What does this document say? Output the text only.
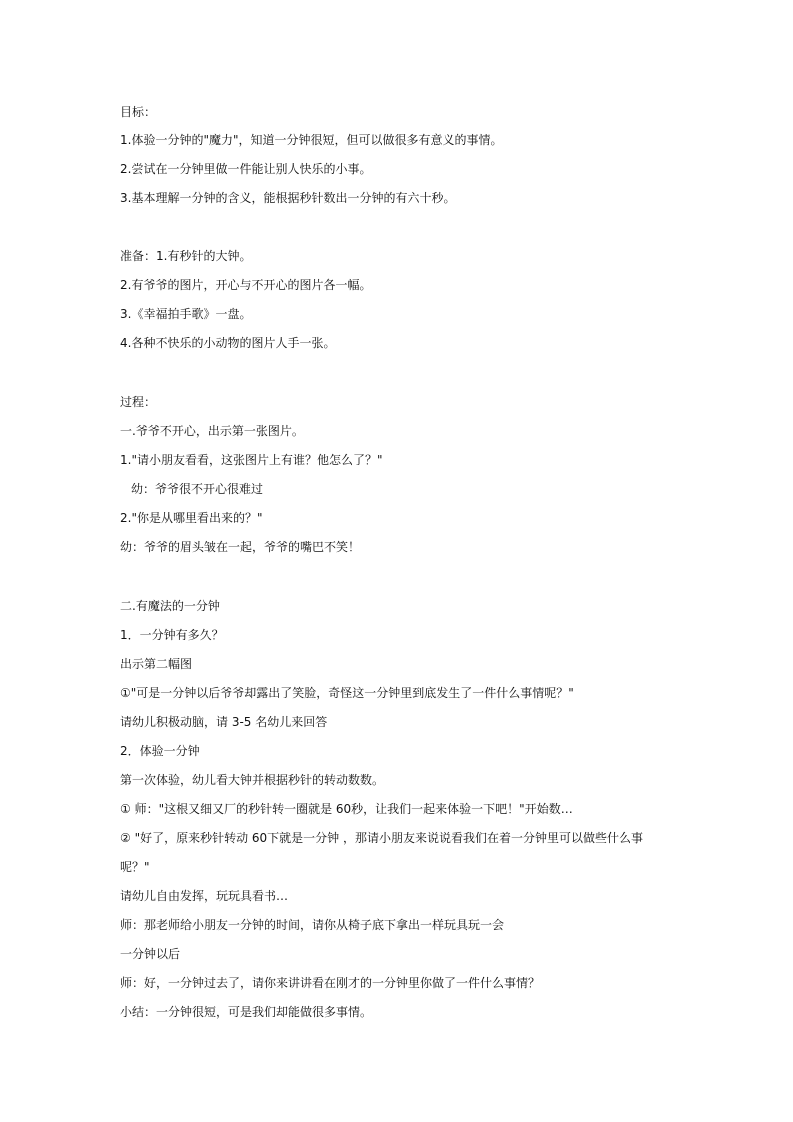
目标：
1.体验一分钟的"魔力"，知道一分钟很短，但可以做很多有意义的事情。
2.尝试在一分钟里做一件能让别人快乐的小事。
3.基本理解一分钟的含义，能根据秒针数出一分钟的有六十秒。
准备：1.有秒针的大钟。
2.有爷爷的图片，开心与不开心的图片各一幅。
3.《幸福拍手歌》一盘。
4.各种不快乐的小动物的图片人手一张。
过程：
一.爷爷不开心，出示第一张图片。
1."请小朋友看看，这张图片上有谁？他怎么了？"
幼：爷爷很不开心很难过
2."你是从哪里看出来的？"
幼：爷爷的眉头皱在一起，爷爷的嘴巴不笑！
二.有魔法的一分钟
1．一分钟有多久？
出示第二幅图
①"可是一分钟以后爷爷却露出了笑脸，奇怪这一分钟里到底发生了一件什么事情呢？"
请幼儿积极动脑，请 3-5 名幼儿来回答
2．体验一分钟
第一次体验，幼儿看大钟并根据秒针的转动数数。
① 师："这根又细又厂的秒针转一圈就是 60秒，让我们一起来体验一下吧！"开始数…
② "好了，原来秒针转动 60下就是一分钟 ，那请小朋友来说说看我们在着一分钟里可以做些什么事
呢？"
请幼儿自由发挥，玩玩具看书…
师：那老师给小朋友一分钟的时间，请你从椅子底下拿出一样玩具玩一会
一分钟以后
师：好，一分钟过去了，请你来讲讲看在刚才的一分钟里你做了一件什么事情？
小结：一分钟很短，可是我们却能做很多事情。
